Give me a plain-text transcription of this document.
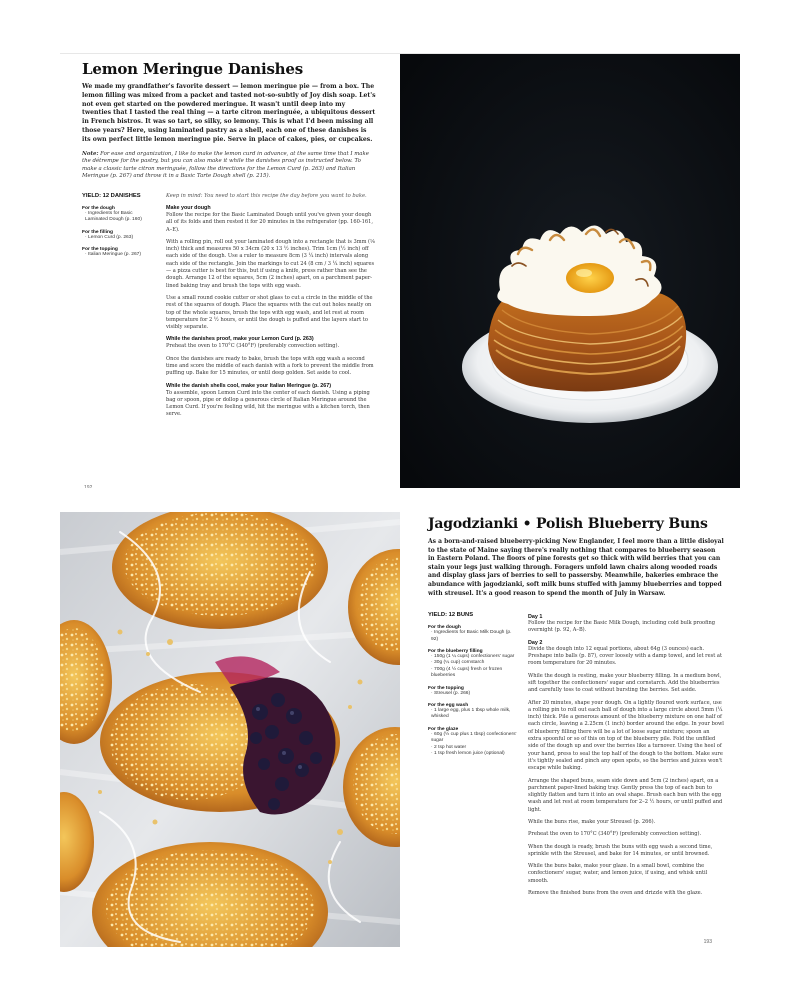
Lemon Meringue Danishes

We made my grandfather's favorite dessert — lemon meringue pie — from a box. The lemon filling was mixed from a packet and tasted not-so-subtly of Joy dish soap. Let's not even get started on the powdered meringue. It wasn't until deep into my twenties that I tasted the real thing — a tarte citron meringuée, a ubiquitous dessert in French bistros. It was so tart, so silky, so lemony. This is what I'd been missing all those years? Here, using laminated pastry as a shell, each one of these danishes is its own perfect little lemon meringue pie. Serve in place of cakes, pies, or cupcakes.

Note: For ease and organization, I like to make the lemon curd in advance, at the same time that I make the détrempe for the pastry, but you can also make it while the danishes proof as instructed below. To make a classic tarte citron meringuée, follow the directions for the Lemon Curd (p. 263) and Italian Meringue (p. 267) and throw it in a Basic Tarte Dough shell (p. 215).

YIELD: 12 DANISHES
For the dough
· Ingredients for Basic Laminated Dough (p. 160)
For the filling
· Lemon Curd (p. 263)
For the topping
· Italian Meringue (p. 267)
Keep in mind: You need to start this recipe the day before you want to bake.
Make your dough

Follow the recipe for the Basic Laminated Dough until you've given your dough all of its folds and then rested it for 20 minutes in the refrigerator (pp. 160-161, A–E).

With a rolling pin, roll out your laminated dough into a rectangle that is 3mm (⅛ inch) thick and measures 50 x 34cm (20 x 13 ½ inches). Trim 1cm (½ inch) off each side of the dough. Use a ruler to measure 8cm (3 ¼ inch) intervals along each side of the rectangle. Join the markings to cut 24 (8 cm / 3 ¼ inch) squares — a pizza cutter is best for this, but if using a knife, press rather than see the dough. Arrange 12 of the squares, 5cm (2 inches) apart, on a parchment paper-lined baking tray and brush the tops with egg wash.

Use a small round cookie cutter or shot glass to cut a circle in the middle of the rest of the squares of dough. Place the squares with the cut out holes neatly on top of the whole squares, brush the tops with egg wash, and let rest at room temperature for 2 ½ hours, or until the dough is puffed and the layers start to visibly separate.

While the danishes proof, make your Lemon Curd (p. 263)

Preheat the oven to 170°C (340°F) (preferably convection setting).

Once the danishes are ready to bake, brush the tops with egg wash a second time and score the middle of each danish with a fork to prevent the middle from puffing up. Bake for 15 minutes, or until deep golden. Set aside to cool.

While the danish shells cool, make your Italian Meringue (p. 267)

To assemble, spoon Lemon Curd into the center of each danish. Using a piping bag or spoon, pipe or dollop a generous circle of Italian Meringue around the Lemon Curd. If you're feeling wild, hit the meringue with a kitchen torch, then serve.

192
Jagodzianki • Polish Blueberry Buns

As a born-and-raised blueberry-picking New Englander, I feel more than a little disloyal to the state of Maine saying there's really nothing that compares to blueberry season in Eastern Poland. The floors of pine forests get so thick with wild berries that you can stain your legs just walking through. Foragers unfold lawn chairs along wooded roads and display glass jars of berries to sell to passersby. Meanwhile, bakeries embrace the abundance with jagodzianki, soft milk buns stuffed with jammy blueberries and topped with streusel. It's a good reason to spend the month of July in Warsaw.

YIELD: 12 BUNS
For the dough
· Ingredients for Basic Milk Dough (p. 92)
For the blueberry filling
· 150g (1 ¼ cups) confectioners' sugar
· 30g (¼ cup) cornstarch
· 700g (4 ½ cups) fresh or frozen blueberries
For the topping
· Streusel (p. 266)
For the egg wash
· 1 large egg, plus 1 tbsp whole milk, whisked
For the glaze
· 60g (½ cup plus 1 tbsp) confectioners' sugar
· 2 tsp hot water
· 1 tsp fresh lemon juice (optional)
Day 1

Follow the recipe for the Basic Milk Dough, including cold bulk proofing overnight (p. 92, A–B).

Day 2

Divide the dough into 12 equal portions, about 64g (3 ounces) each. Preshape into balls (p. 87), cover loosely with a damp towel, and let rest at room temperature for 20 minutes.

While the dough is resting, make your blueberry filling. In a medium bowl, sift together the confectioners' sugar and cornstarch. Add the blueberries and carefully toss to coat without bursting the berries. Set aside.

After 20 minutes, shape your dough. On a lightly floured work surface, use a rolling pin to roll out each ball of dough into a large circle about 5mm (¼ inch) thick. Pile a generous amount of the blueberry mixture on one half of each circle, leaving a 2.25cm (1 inch) border around the edge. In your bowl of blueberry filling there will be a lot of loose sugar mixture; spoon an extra spoonful or so of this on top of the blueberry pile. Fold the unfilled side of the dough up and over the berries like a turnover. Using the heel of your hand, press to seal the top half of the dough to the bottom. Make sure it's tightly sealed and pinch any open spots, so the berries and juices won't escape while baking.

Arrange the shaped buns, seam side down and 5cm (2 inches) apart, on a parchment paper-lined baking tray. Gently press the top of each bun to slightly flatten and turn it into an oval shape. Brush each bun with the egg wash and let rest at room temperature for 2–2 ½ hours, or until puffed and light.

While the buns rise, make your Streusel (p. 266).

Preheat the oven to 170°C (340°F) (preferably convection setting).

When the dough is ready, brush the buns with egg wash a second time, sprinkle with the Streusel, and bake for 14 minutes, or until browned.

While the buns bake, make your glaze. In a small bowl, combine the confectioners' sugar, water, and lemon juice, if using, and whisk until smooth.

Remove the finished buns from the oven and drizzle with the glaze.

193
